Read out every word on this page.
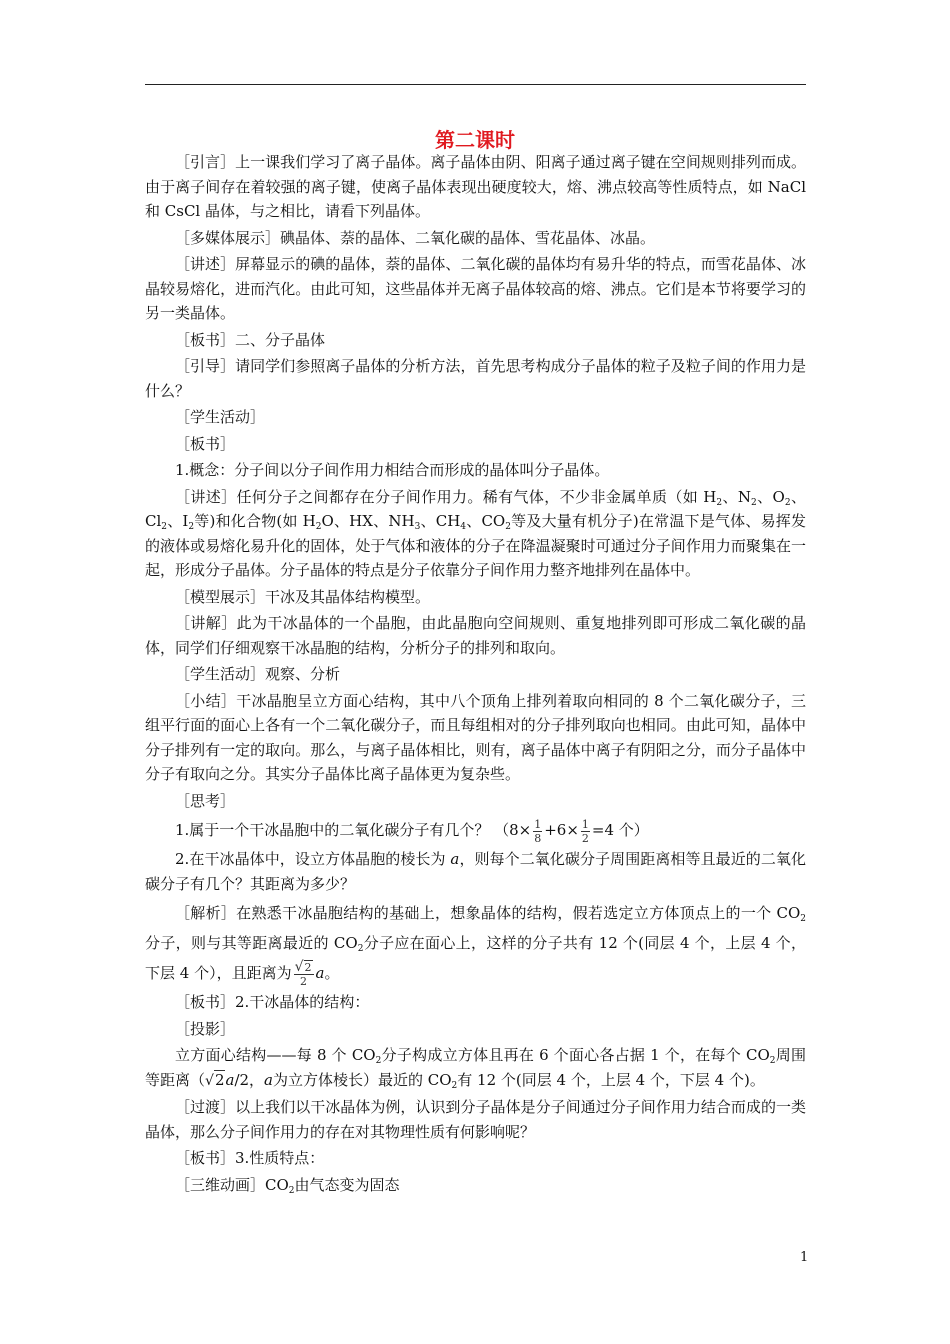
第二课时

［引言］上一课我们学习了离子晶体。离子晶体由阴、阳离子通过离子键在空间规则排列而成。由于离子间存在着较强的离子键，使离子晶体表现出硬度较大，熔、沸点较高等性质特点，如 NaCl 和 CsCl 晶体，与之相比，请看下列晶体。

［多媒体展示］碘晶体、萘的晶体、二氧化碳的晶体、雪花晶体、冰晶。

［讲述］屏幕显示的碘的晶体，萘的晶体、二氧化碳的晶体均有易升华的特点，而雪花晶体、冰晶较易熔化，进而汽化。由此可知，这些晶体并无离子晶体较高的熔、沸点。它们是本节将要学习的另一类晶体。

［板书］二、分子晶体

［引导］请同学们参照离子晶体的分析方法，首先思考构成分子晶体的粒子及粒子间的作用力是什么？

［学生活动］

［板书］

1.概念：分子间以分子间作用力相结合而形成的晶体叫分子晶体。

［讲述］任何分子之间都存在分子间作用力。稀有气体，不少非金属单质（如 $H_2$、$N_2$、$O_2$、$Cl_2$、$I_2$等)和化合物(如 $H_2O$、HX、$NH_3$、$CH_4$、$CO_2$等及大量有机分子)在常温下是气体、易挥发的液体或易熔化易升化的固体，处于气体和液体的分子在降温凝聚时可通过分子间作用力而聚集在一起，形成分子晶体。分子晶体的特点是分子依靠分子间作用力整齐地排列在晶体中。

［模型展示］干冰及其晶体结构模型。

［讲解］此为干冰晶体的一个晶胞，由此晶胞向空间规则、重复地排列即可形成二氧化碳的晶体，同学们仔细观察干冰晶胞的结构，分析分子的排列和取向。

［学生活动］观察、分析

［小结］干冰晶胞呈立方面心结构，其中八个顶角上排列着取向相同的 8 个二氧化碳分子，三组平行面的面心上各有一个二氧化碳分子，而且每组相对的分子排列取向也相同。由此可知，晶体中分子排列有一定的取向。那么，与离子晶体相比，则有，离子晶体中离子有阴阳之分，而分子晶体中分子有取向之分。其实分子晶体比离子晶体更为复杂些。

［思考］

1.属于一个干冰晶胞中的二氧化碳分子有几个？ （$8\times \frac{1}{8} +6\times \frac{1}{2} =4$ 个）

2.在干冰晶体中，设立方体晶胞的棱长为 a，则每个二氧化碳分子周围距离相等且最近的二氧化碳分子有几个？其距离为多少？

［解析］在熟悉干冰晶胞结构的基础上，想象晶体的结构，假若选定立方体顶点上的一个 $CO_2$分子，则与其等距离最近的 $CO_2$分子应在面心上，这样的分子共有 12 个(同层 4 个，上层 4 个，下层 4 个），且距离为 $\frac{√2}{2}$ a。

［板书］2.干冰晶体的结构：

［投影］

立方面心结构——每 8 个 $CO_2$分子构成立方体且再在 6 个面心各占据 1 个，在每个 $CO_2$周围等距离（√2a/2，a为立方体棱长）最近的 $CO_2$有 12 个(同层 4 个，上层 4 个，下层 4 个)。

［过渡］以上我们以干冰晶体为例，认识到分子晶体是分子间通过分子间作用力结合而成的一类晶体，那么分子间作用力的存在对其物理性质有何影响呢？

［板书］3.性质特点：

［三维动画$]CO_2$由气态变为固态

1
